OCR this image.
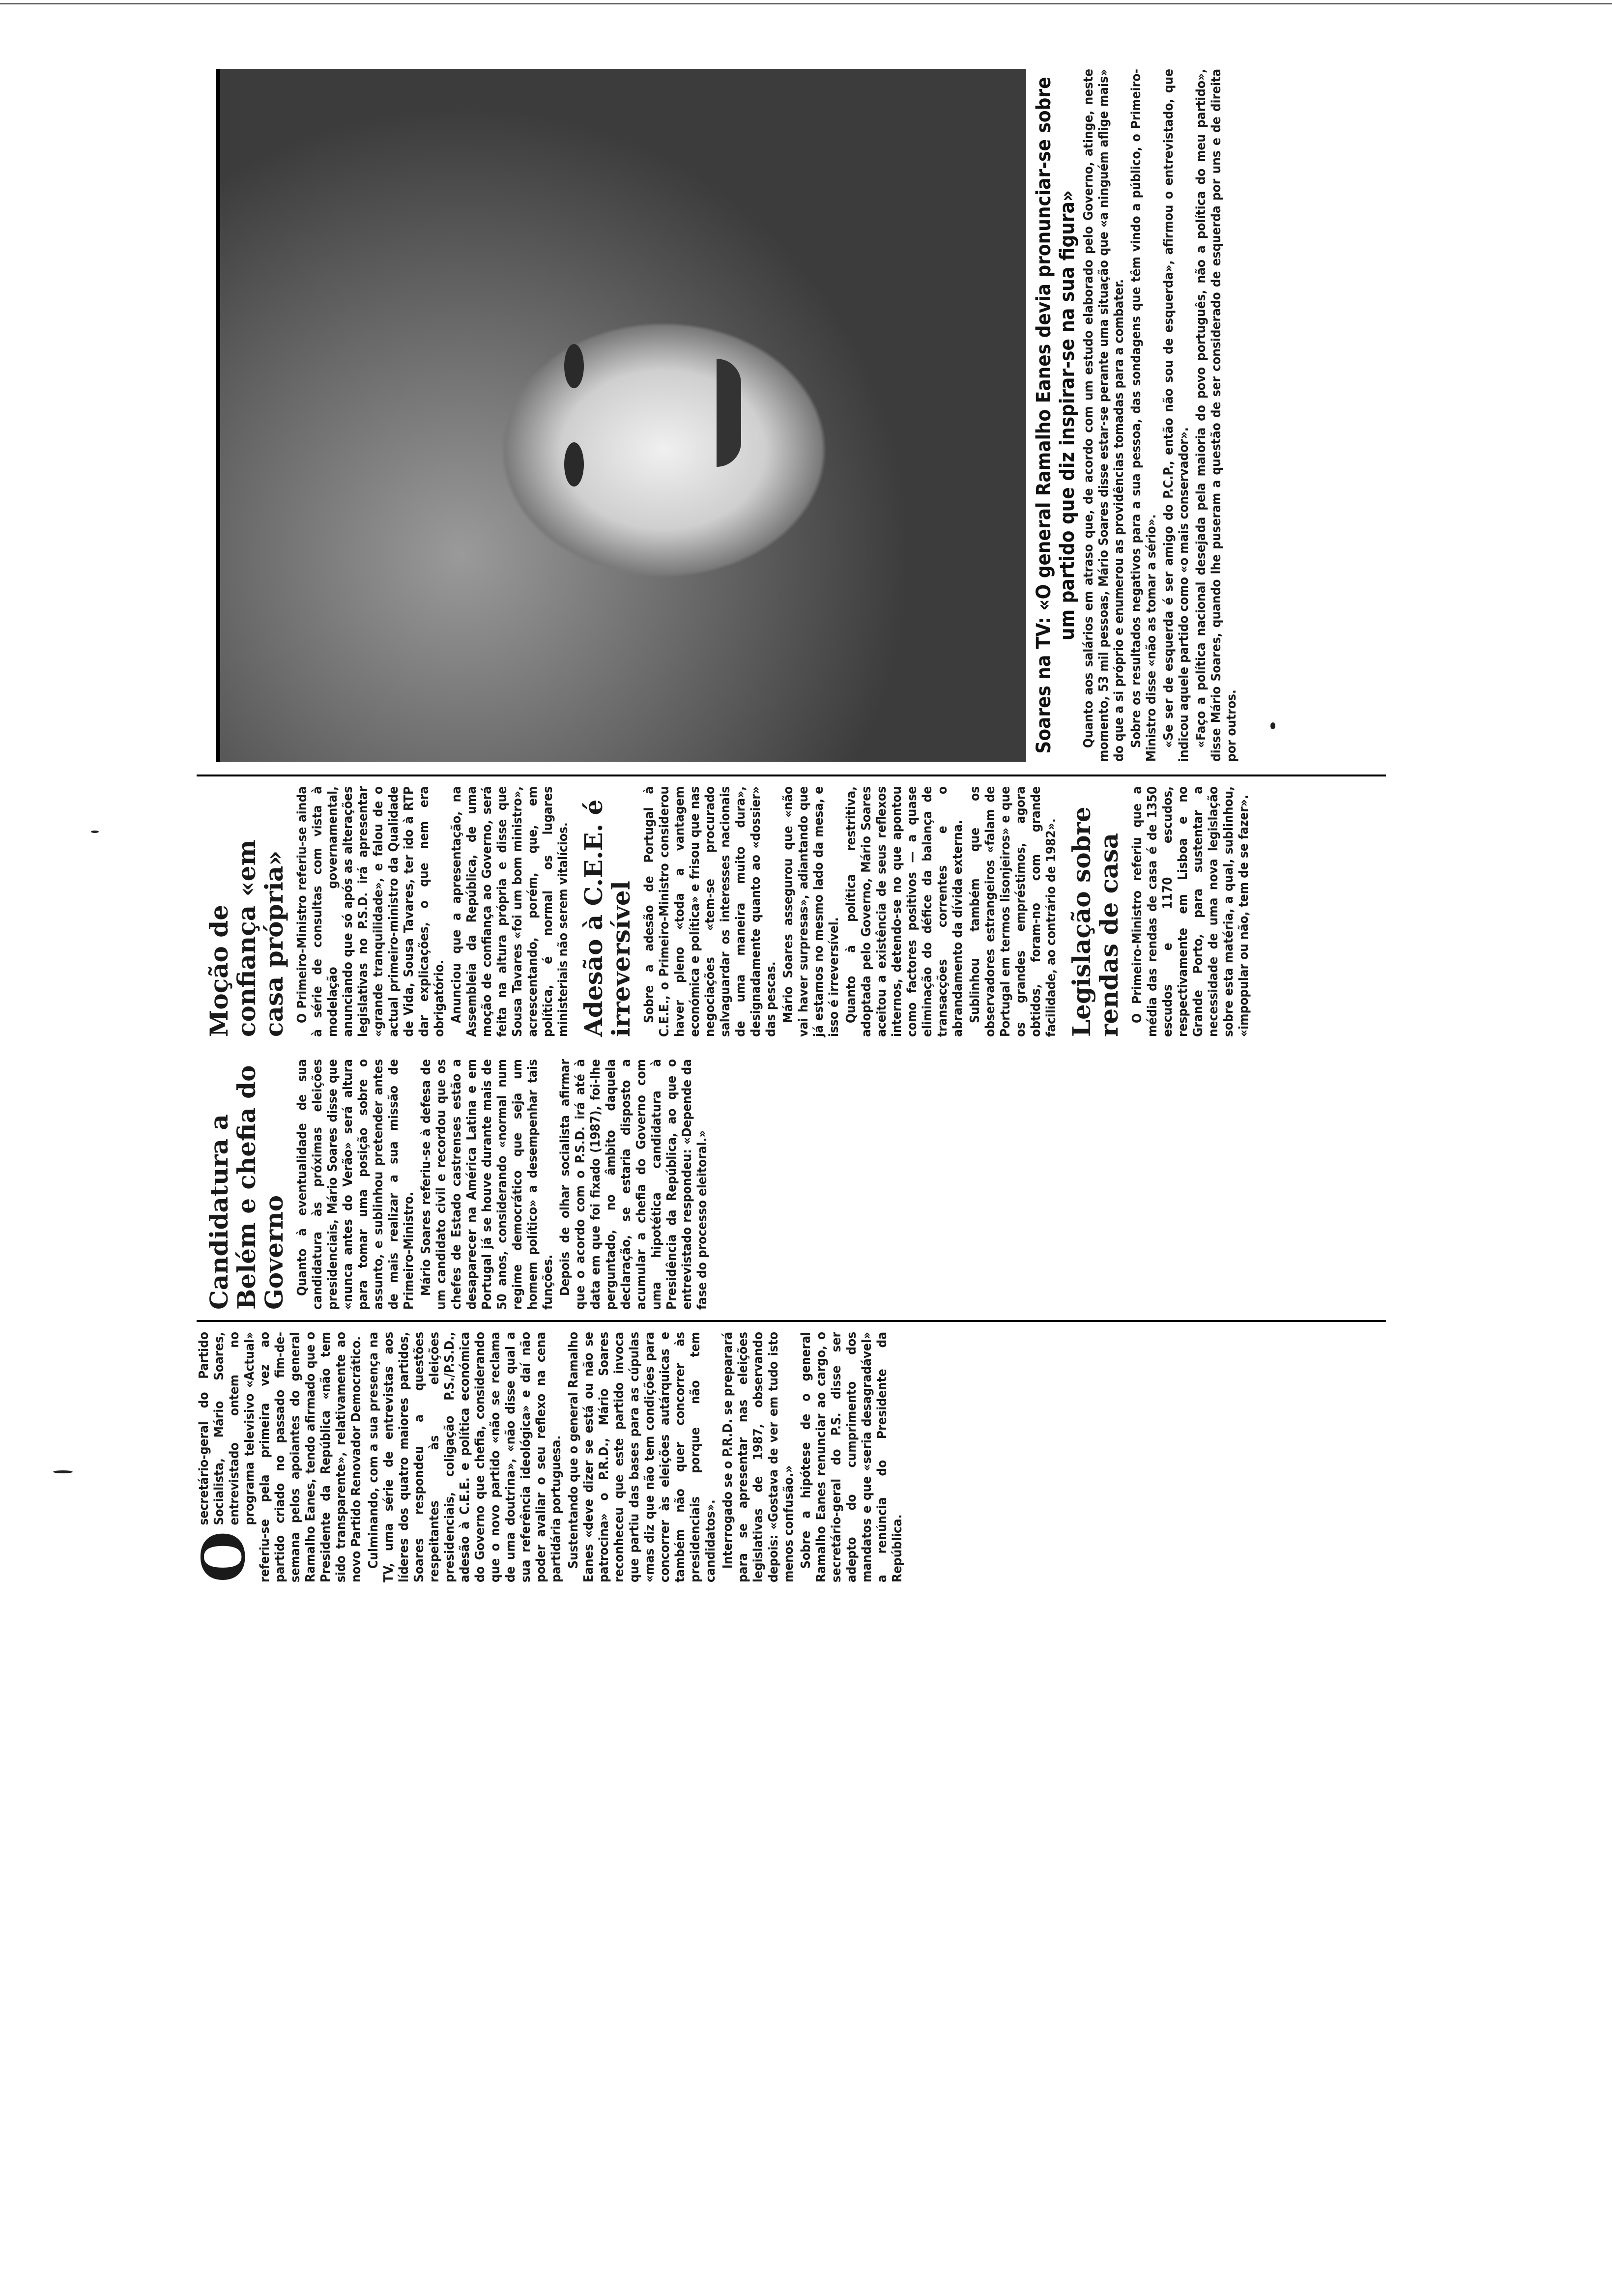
O
secretário-geral do Partido Socialista, Mário Soares, entrevistado ontem no programa televisivo «Actual» referiu-se pela primeira vez ao partido criado no passado fim-de-semana pelos apoiantes do general Ramalho Eanes, tendo afirmado que o Presidente da República «não tem sido transparente», relativamente ao novo Partido Renovador Democrático. Culminando, com a sua presença na TV, uma série de entrevistas aos líderes dos quatro maiores partidos, Soares respondeu a questões respeitantes às eleições presidenciais, coligação P.S./P.S.D., adesão à C.E.E. e política económica do Governo que chefia, considerando que o novo partido «não se reclama de uma doutrina», «não disse qual a sua referência ideológica» e daí não poder avaliar o seu reflexo na cena partidária portuguesa. Sustentando que o general Ramalho Eanes «deve dizer se está ou não se patrocina» o P.R.D., Mário Soares reconheceu que este partido invoca que partiu das bases para as cúpulas «mas diz que não tem condições para concorrer às eleições autárquicas e também não quer concorrer às presidenciais porque não tem candidatos». Interrogado se o P.R.D. se preparará para se apresentar nas eleições legislativas de 1987, observando depois: «Gostava de ver em tudo isto menos confusão.» Sobre a hipótese de o general Ramalho Eanes renunciar ao cargo, o secretário-geral do P.S. disse ser adepto do cumprimento dos mandatos e que «seria desagradável» a renúncia do Presidente da República.

Candidatura a Belém e chefia do Governo Quanto à eventualidade de sua candidatura às próximas eleições presidenciais, Mário Soares disse que «nunca antes do Verão» será altura para tomar uma posição sobre o assunto, e sublinhou pretender antes de mais realizar a sua missão de Primeiro-Ministro. Mário Soares referiu-se à defesa de um candidato civil e recordou que os chefes de Estado castrenses estão a desaparecer na América Latina e em Portugal já se houve durante mais de 50 anos, considerando «normal num regime democrático que seja um homem político» a desempenhar tais funções. Depois de olhar socialista afirmar que o acordo com o P.S.D. irá até à data em que foi fixado (1987), foi-lhe perguntado, no âmbito daquela declaração, se estaria disposto a acumular a chefia do Governo com uma hipotética candidatura à Presidência da República, ao que o entrevistado respondeu: «Depende da fase do processo eleitoral.»

Moção de confiança «em casa própria» O Primeiro-Ministro referiu-se ainda à série de consultas com vista à modelação governamental, anunciando que só após as alterações legislativas no P.S.D. irá apresentar «grande tranquilidade», e falou de o actual primeiro-ministro da Qualidade de Vida, Sousa Tavares, ter ido à RTP dar explicações, o que nem era obrigatório. Anunciou que a apresentação, na Assembleia da República, de uma moção de confiança ao Governo, será feita na altura própria e disse que Sousa Tavares «foi um bom ministro», acrescentando, porém, que, em política, é normal os lugares ministeriais não serem vitalícios. Adesão à C.E.E. é irreversível Sobre a adesão de Portugal à C.E.E., o Primeiro-Ministro considerou haver pleno «toda a vantagem económica e política» e frisou que nas negociações «tem-se procurado salvaguardar os interesses nacionais de uma maneira muito dura», designadamente quanto ao «dossier» das pescas. Mário Soares assegurou que «não vai haver surpresas», adiantando que já estamos no mesmo lado da mesa, e isso é irreversível. Quanto à política restritiva, adoptada pelo Governo, Mário Soares aceitou a existência de seus reflexos internos, detendo-se no que apontou como factores positivos — a quase eliminação do défice da balança de transacções correntes e o abrandamento da dívida externa. Sublinhou também que os observadores estrangeiros «falam de Portugal em termos lisonjeiros» e que os grandes empréstimos, agora obtidos, foram-no com grande facilidade, ao contrário de 1982». Legislação sobre rendas de casa O Primeiro-Ministro referiu que a média das rendas de casa é de 1350 escudos e 1170 escudos, respectivamente em Lisboa e no Grande Porto, para sustentar a necessidade de uma nova legislação sobre esta matéria, a qual, sublinhou, «impopular ou não, tem de se fazer».

Soares na TV: «O general Ramalho Eanes devia pronunciar-se sobre um partido que diz inspirar-se na sua figura» Quanto aos salários em atraso que, de acordo com um estudo elaborado pelo Governo, atinge, neste momento, 53 mil pessoas, Mário Soares disse estar-se perante uma situação que «a ninguém aflige mais» do que a si próprio e enumerou as providências tomadas para a combater. Sobre os resultados negativos para a sua pessoa, das sondagens que têm vindo a público, o Primeiro-Ministro disse «não as tomar a sério». «Se ser de esquerda é ser amigo do P.C.P., então não sou de esquerda», afirmou o entrevistado, que indicou aquele partido como «o mais conservador». «Faço a política nacional desejada pela maioria do povo português, não a política do meu partido», disse Mário Soares, quando lhe puseram a questão de ser considerado de esquerda por uns e de direita por outros.
